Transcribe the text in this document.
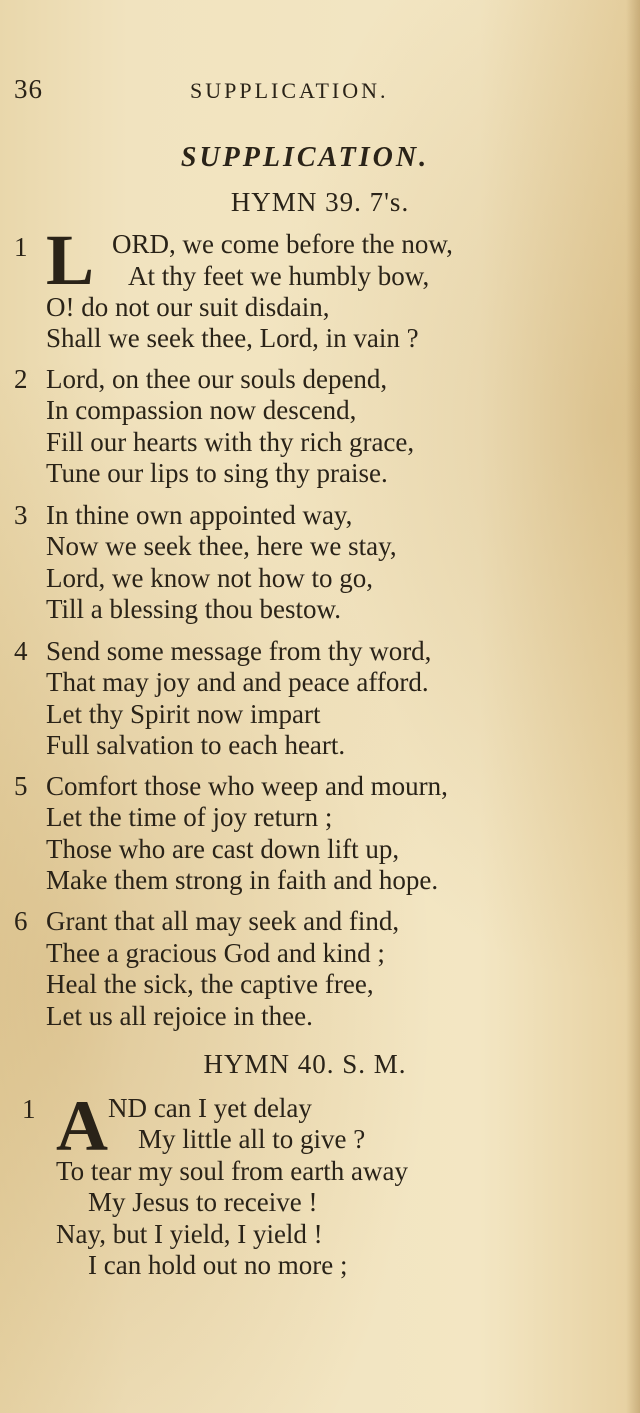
36	SUPPLICATION.
SUPPLICATION.
HYMN 39. 7's.
1 L ORD, we come before the now,
At thy feet we humbly bow,
O! do not our suit disdain,
Shall we seek thee, Lord, in vain ?
2 Lord, on thee our souls depend,
In compassion now descend,
Fill our hearts with thy rich grace,
Tune our lips to sing thy praise.
3 In thine own appointed way,
Now we seek thee, here we stay,
Lord, we know not how to go,
Till a blessing thou bestow.
4 Send some message from thy word,
That may joy and and peace afford.
Let thy Spirit now impart
Full salvation to each heart.
5 Comfort those who weep and mourn,
Let the time of joy return ;
Those who are cast down lift up,
Make them strong in faith and hope.
6 Grant that all may seek and find,
Thee a gracious God and kind ;
Heal the sick, the captive free,
Let us all rejoice in thee.
HYMN 40. S. M.
1 A ND can I yet delay
My little all to give ?
To tear my soul from earth away
My Jesus to receive !
Nay, but I yield, I yield !
I can hold out no more ;
